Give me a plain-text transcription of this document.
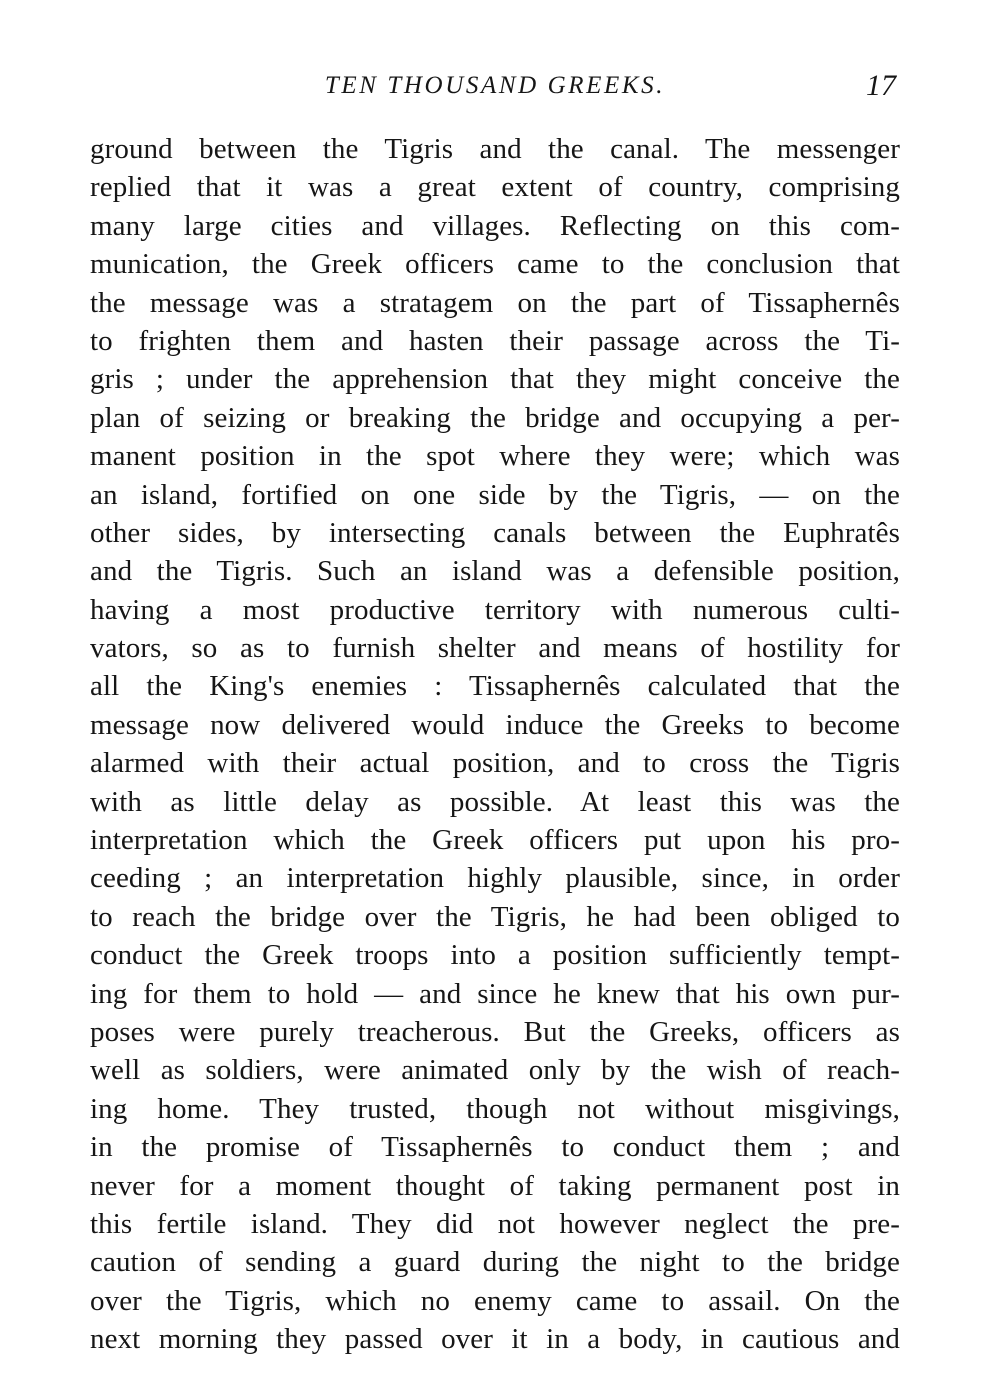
TEN THOUSAND GREEKS.	17
ground between the Tigris and the canal. The messenger
replied that it was a great extent of country, comprising
many large cities and villages. Reflecting on this com-
munication, the Greek officers came to the conclusion that
the message was a stratagem on the part of Tissaphernês
to frighten them and hasten their passage across the Ti-
gris ; under the apprehension that they might conceive the
plan of seizing or breaking the bridge and occupying a per-
manent position in the spot where they were; which was
an island, fortified on one side by the Tigris, — on the
other sides, by intersecting canals between the Euphratês
and the Tigris. Such an island was a defensible position,
having a most productive territory with numerous culti-
vators, so as to furnish shelter and means of hostility for
all the King's enemies : Tissaphernês calculated that the
message now delivered would induce the Greeks to become
alarmed with their actual position, and to cross the Tigris
with as little delay as possible. At least this was the
interpretation which the Greek officers put upon his pro-
ceeding ; an interpretation highly plausible, since, in order
to reach the bridge over the Tigris, he had been obliged to
conduct the Greek troops into a position sufficiently tempt-
ing for them to hold — and since he knew that his own pur-
poses were purely treacherous. But the Greeks, officers as
well as soldiers, were animated only by the wish of reach-
ing home. They trusted, though not without misgivings,
in the promise of Tissaphernês to conduct them ; and
never for a moment thought of taking permanent post in
this fertile island. They did not however neglect the pre-
caution of sending a guard during the night to the bridge
over the Tigris, which no enemy came to assail. On the
next morning they passed over it in a body, in cautious and
